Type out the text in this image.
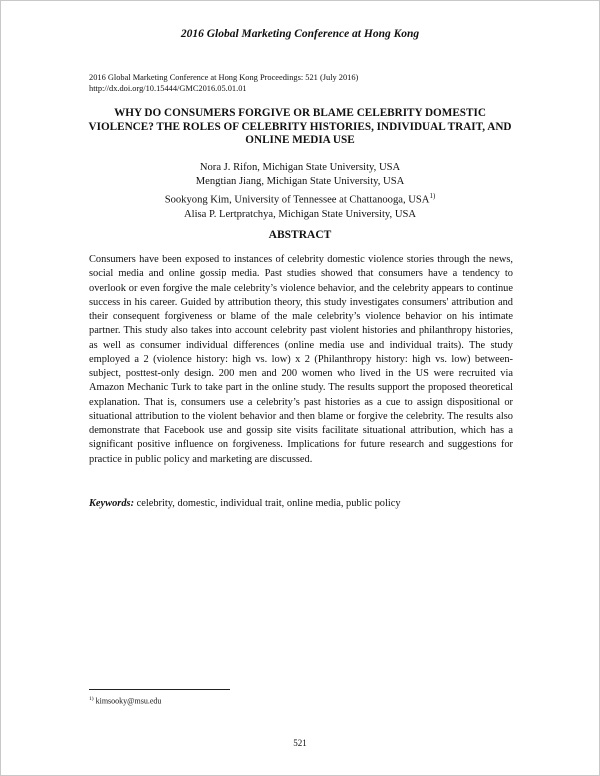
2016 Global Marketing Conference at Hong Kong
2016 Global Marketing Conference at Hong Kong Proceedings: 521 (July 2016)
http://dx.doi.org/10.15444/GMC2016.05.01.01
WHY DO CONSUMERS FORGIVE OR BLAME CELEBRITY DOMESTIC VIOLENCE? THE ROLES OF CELEBRITY HISTORIES, INDIVIDUAL TRAIT, AND ONLINE MEDIA USE
Nora J. Rifon, Michigan State University, USA
Mengtian Jiang, Michigan State University, USA
Sookyong Kim, University of Tennessee at Chattanooga, USA$^{1)}$
Alisa P. Lertpratchya, Michigan State University, USA
ABSTRACT
Consumers have been exposed to instances of celebrity domestic violence stories through the news, social media and online gossip media. Past studies showed that consumers have a tendency to overlook or even forgive the male celebrity’s violence behavior, and the celebrity appears to continue success in his career. Guided by attribution theory, this study investigates consumers' attribution and their consequent forgiveness or blame of the male celebrity’s violence behavior on his intimate partner. This study also takes into account celebrity past violent histories and philanthropy histories, as well as consumer individual differences (online media use and individual traits). The study employed a 2 (violence history: high vs. low) x 2 (Philanthropy history: high vs. low) between-subject, posttest-only design. 200 men and 200 women who lived in the US were recruited via Amazon Mechanic Turk to take part in the online study. The results support the proposed theoretical explanation. That is, consumers use a celebrity’s past histories as a cue to assign dispositional or situational attribution to the violent behavior and then blame or forgive the celebrity. The results also demonstrate that Facebook use and gossip site visits facilitate situational attribution, which has a significant positive influence on forgiveness. Implications for future research and suggestions for practice in public policy and marketing are discussed.
Keywords: celebrity, domestic, individual trait, online media, public policy
$^{1)}$ kimsooky@msu.edu
521
